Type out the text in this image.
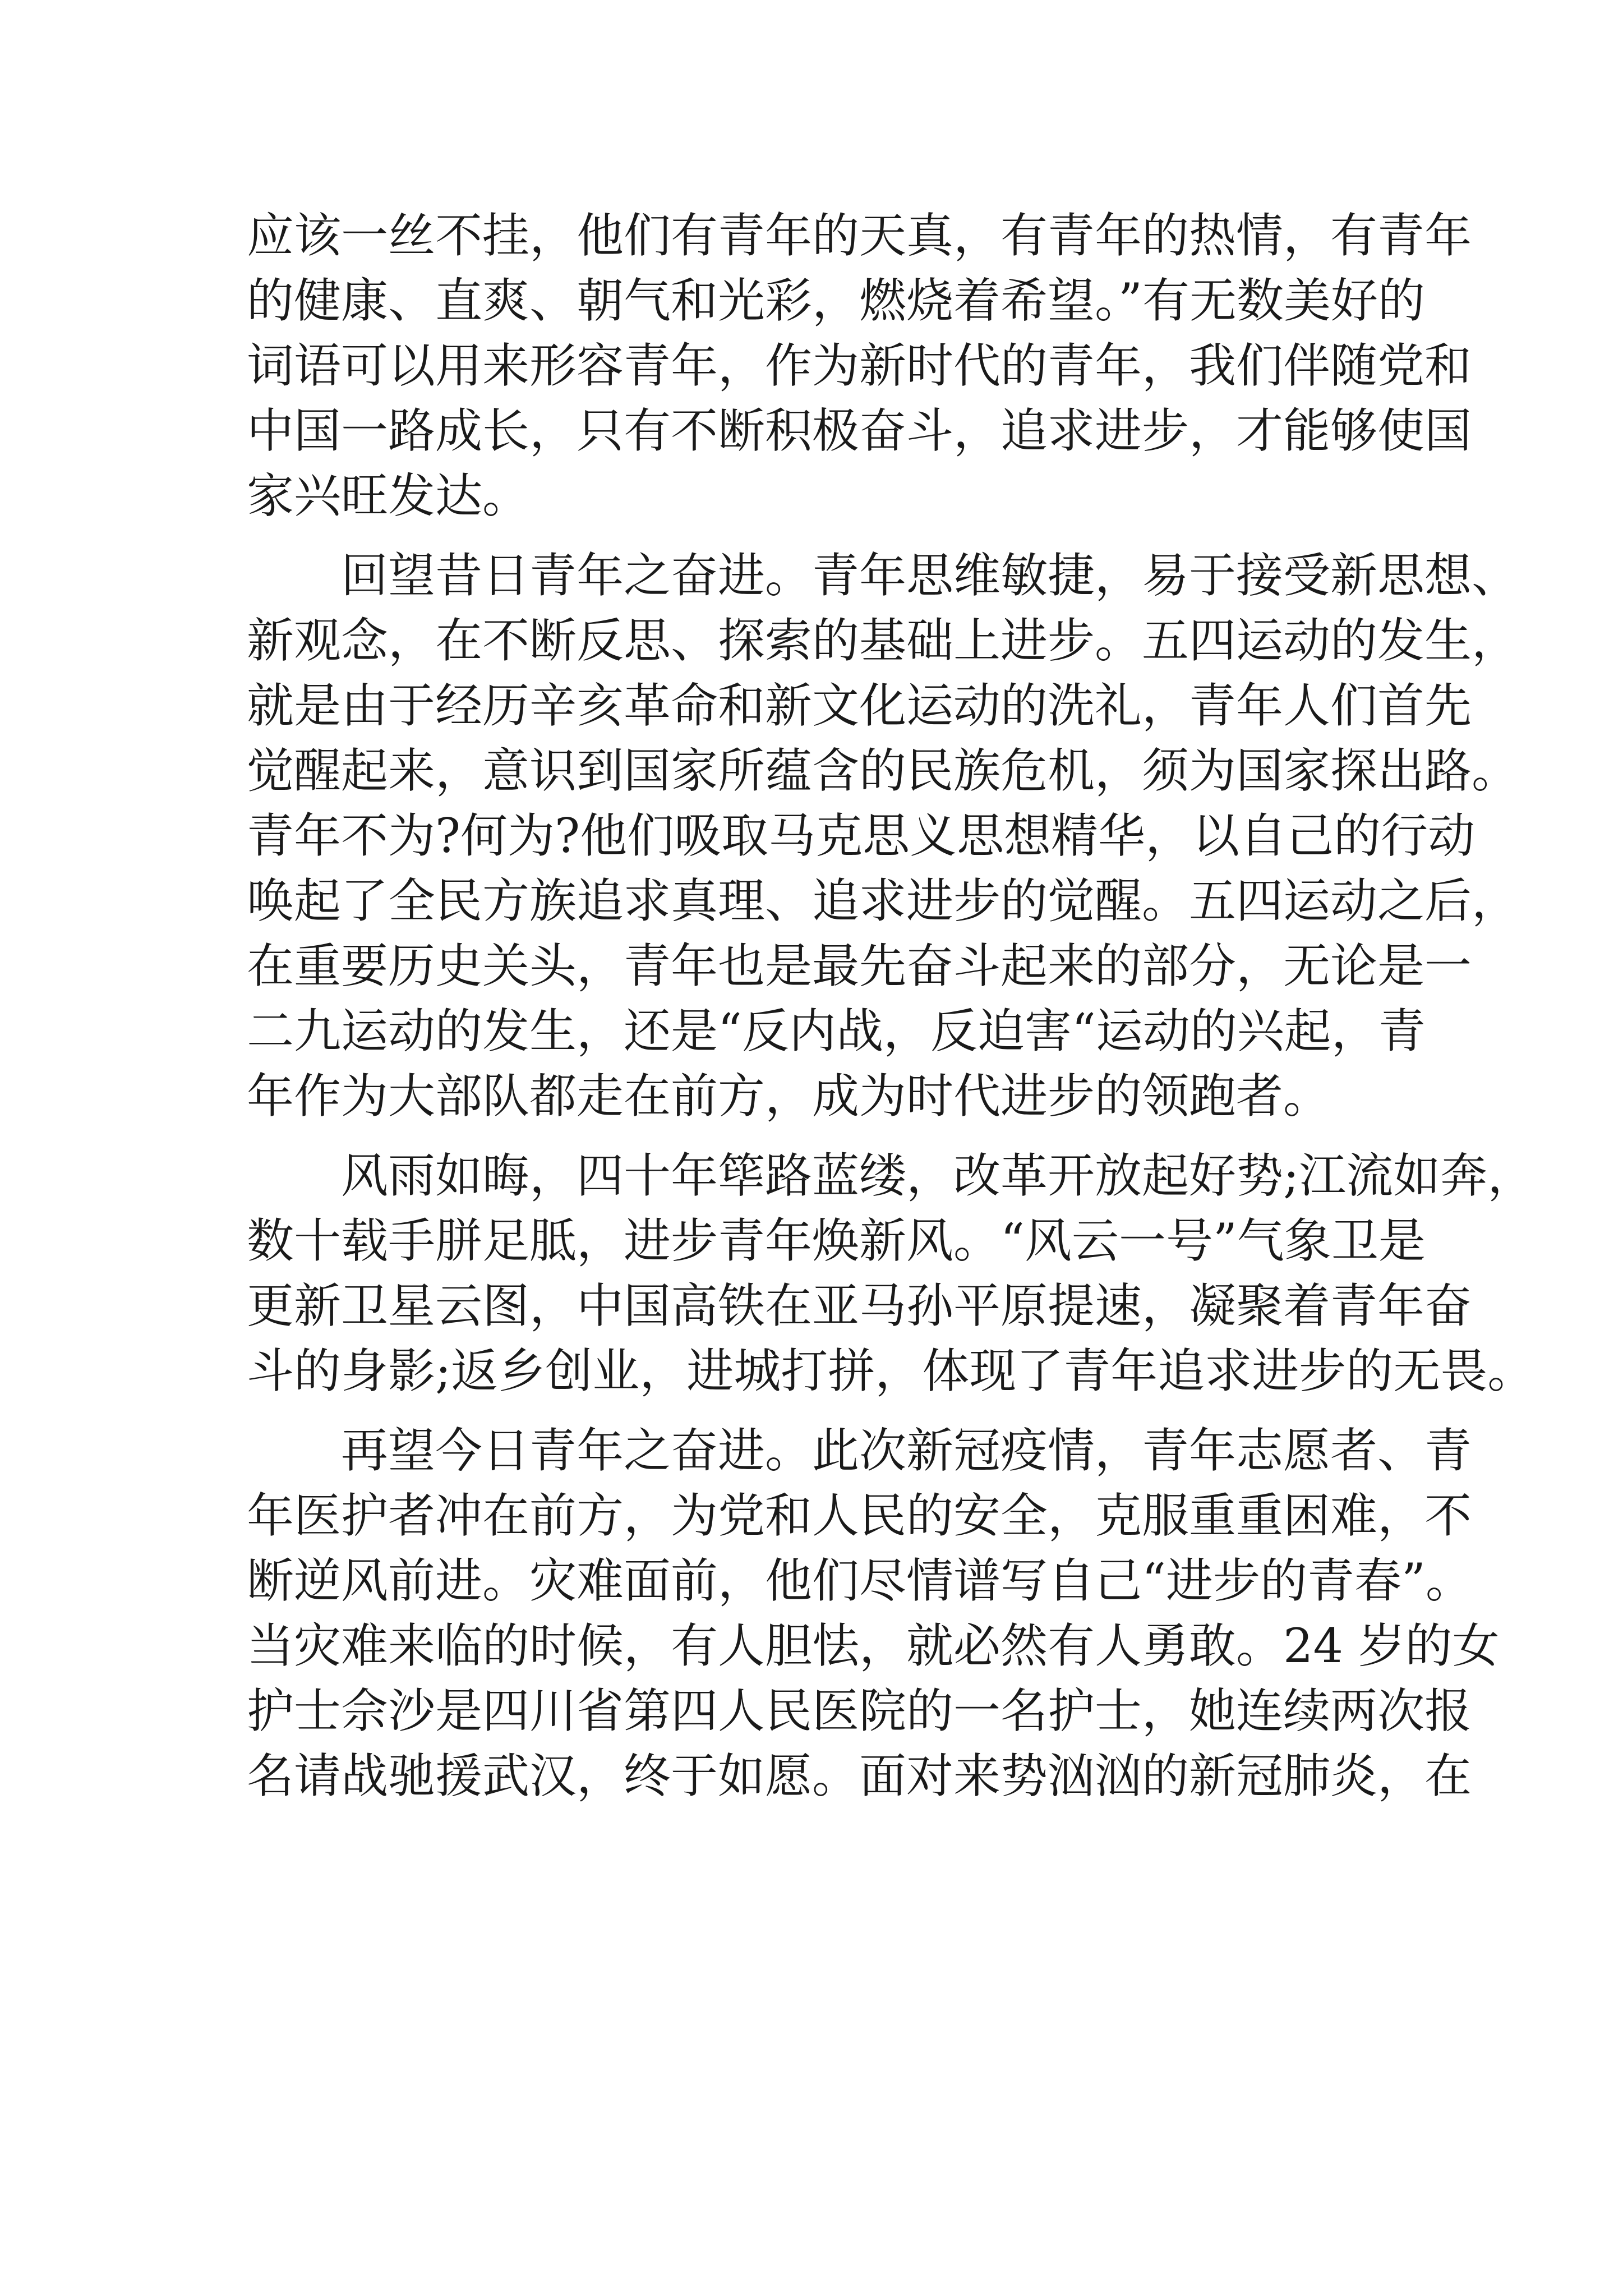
应该一丝不挂，他们有青年的天真，有青年的热情，有青年
的健康、直爽、朝气和光彩，燃烧着希望。”有无数美好的
词语可以用来形容青年，作为新时代的青年，我们伴随党和
中国一路成长，只有不断积极奋斗，追求进步，才能够使国
家兴旺发达。
回望昔日青年之奋进。青年思维敏捷，易于接受新思想、
新观念，在不断反思、探索的基础上进步。五四运动的发生，
就是由于经历辛亥革命和新文化运动的洗礼，青年人们首先
觉醒起来，意识到国家所蕴含的民族危机，须为国家探出路。
青年不为?何为?他们吸取马克思义思想精华，以自己的行动
唤起了全民方族追求真理、追求进步的觉醒。五四运动之后，
在重要历史关头，青年也是最先奋斗起来的部分，无论是一
二九运动的发生，还是“反内战，反迫害“运动的兴起，青
年作为大部队都走在前方，成为时代进步的领跑者。
风雨如晦，四十年筚路蓝缕，改革开放起好势;江流如奔，
数十载手胼足胝，进步青年焕新风。“风云一号”气象卫是
更新卫星云图，中国高铁在亚马孙平原提速，凝聚着青年奋
斗的身影;返乡创业，进城打拼，体现了青年追求进步的无畏。
再望今日青年之奋进。此次新冠疫情，青年志愿者、青
年医护者冲在前方，为党和人民的安全，克服重重困难，不
断逆风前进。灾难面前，他们尽情谱写自己“进步的青春”。
当灾难来临的时候，有人胆怯，就必然有人勇敢。24 岁的女
护士佘沙是四川省第四人民医院的一名护士，她连续两次报
名请战驰援武汉，终于如愿。面对来势汹汹的新冠肺炎，在
